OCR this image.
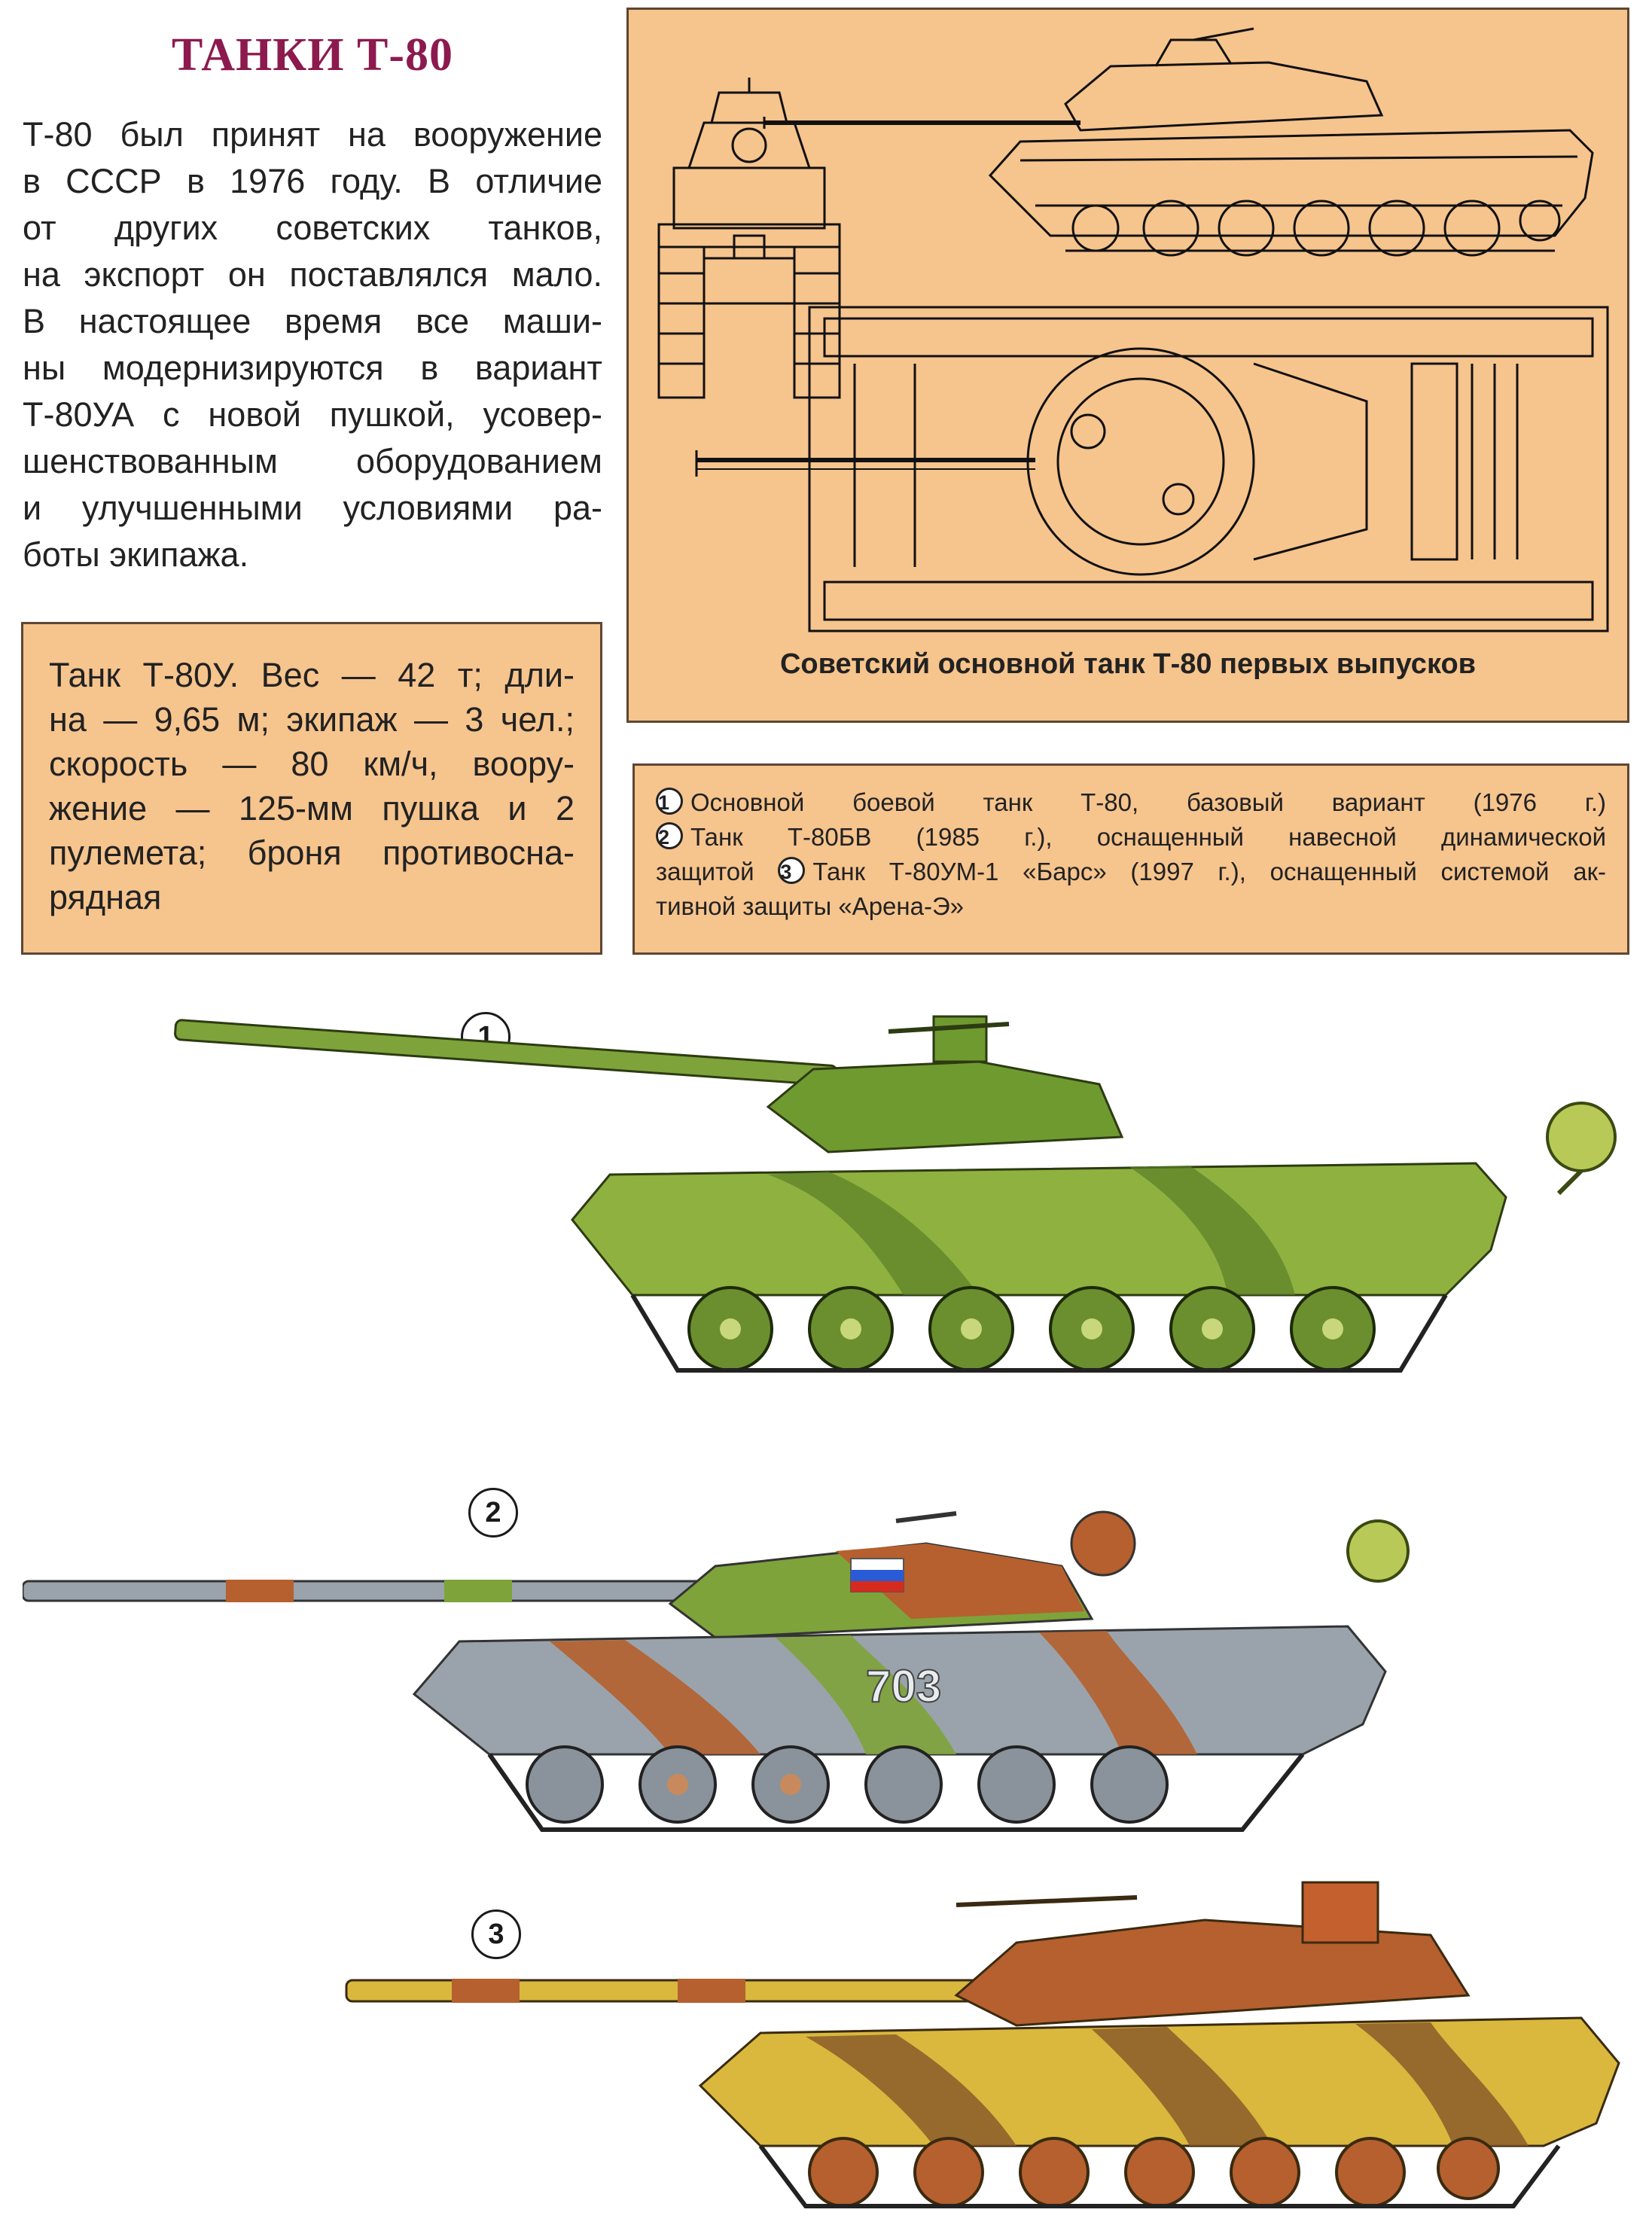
ТАНКИ Т-80
Т-80 был принят на вооружение
в СССР в 1976 году. В отличие
от других советских танков,
на экспорт он поставлялся мало.
В настоящее время все маши-
ны модернизируются в вариант
Т-80УА с новой пушкой, усовер-
шенствованным оборудованием
и улучшенными условиями ра-
боты экипажа.
Танк Т-80У. Вес — 42 т; дли-
на — 9,65 м; экипаж — 3 чел.;
скорость — 80 км/ч, воору-
жение — 125-мм пушка и 2
пулемета; броня противосна-
рядная
Советский основной танк Т-80 первых выпусков
1 Основной боевой танк Т-80, базовый вариант (1976 г.)
2 Танк Т-80БВ (1985 г.), оснащенный навесной динамической
защитой 3 Танк Т-80УМ-1 «Барс» (1997 г.), оснащенный системой ак-
тивной защиты «Арена-Э»
1
2
703
3
